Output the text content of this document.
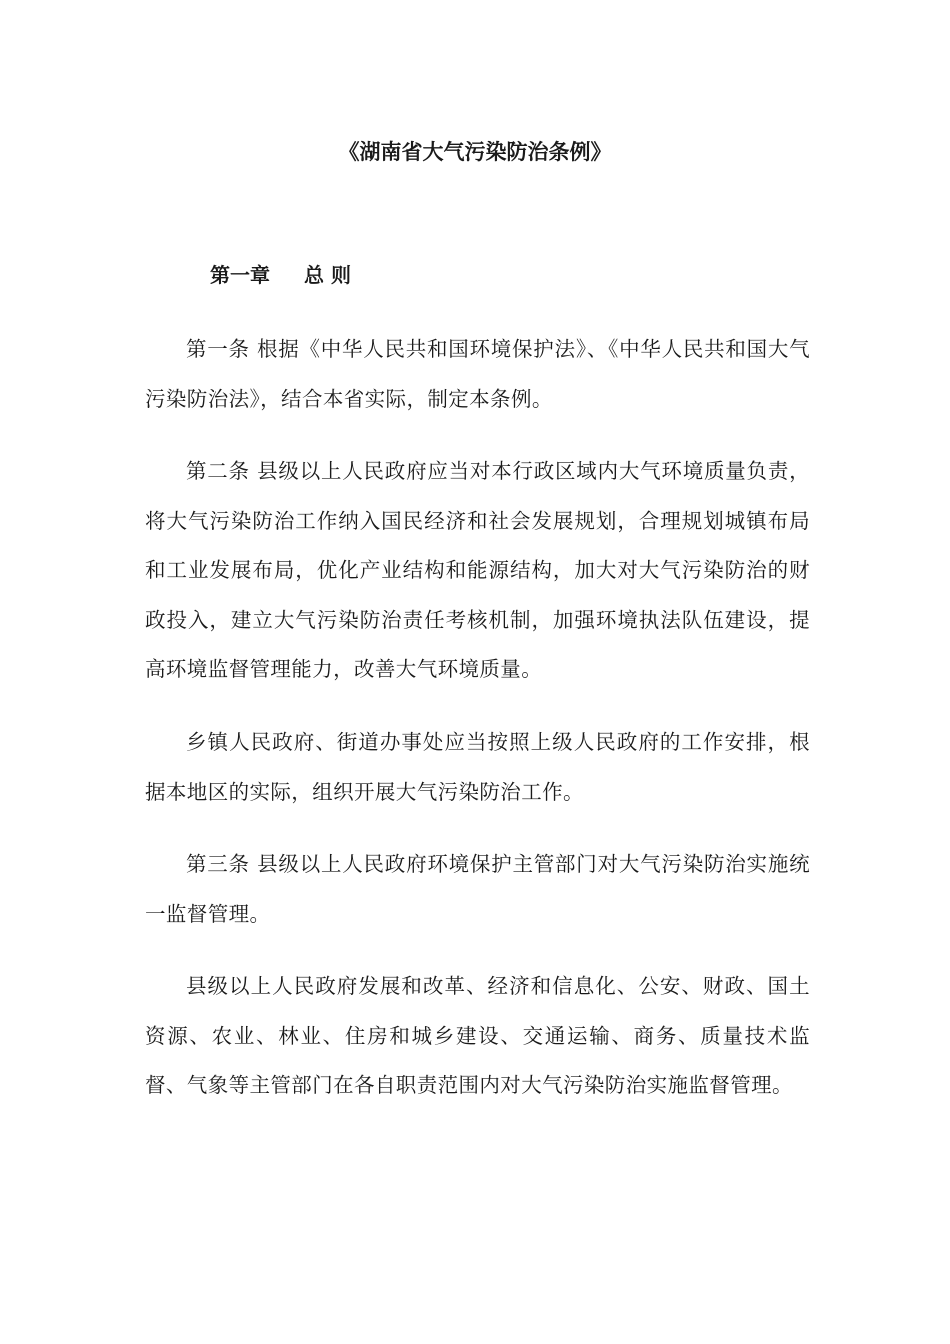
《湖南省大气污染防治条例》
第一章 总 则

第一条 根据《中华人民共和国环境保护法》、《中华人民共和国大气污染防治法》，结合本省实际，制定本条例。

第二条 县级以上人民政府应当对本行政区域内大气环境质量负责，将大气污染防治工作纳入国民经济和社会发展规划，合理规划城镇布局和工业发展布局，优化产业结构和能源结构，加大对大气污染防治的财政投入，建立大气污染防治责任考核机制，加强环境执法队伍建设，提高环境监督管理能力，改善大气环境质量。

乡镇人民政府、街道办事处应当按照上级人民政府的工作安排，根据本地区的实际，组织开展大气污染防治工作。

第三条 县级以上人民政府环境保护主管部门对大气污染防治实施统一监督管理。

县级以上人民政府发展和改革、经济和信息化、公安、财政、国土资源、农业、林业、住房和城乡建设、交通运输、商务、质量技术监督、气象等主管部门在各自职责范围内对大气污染防治实施监督管理。
